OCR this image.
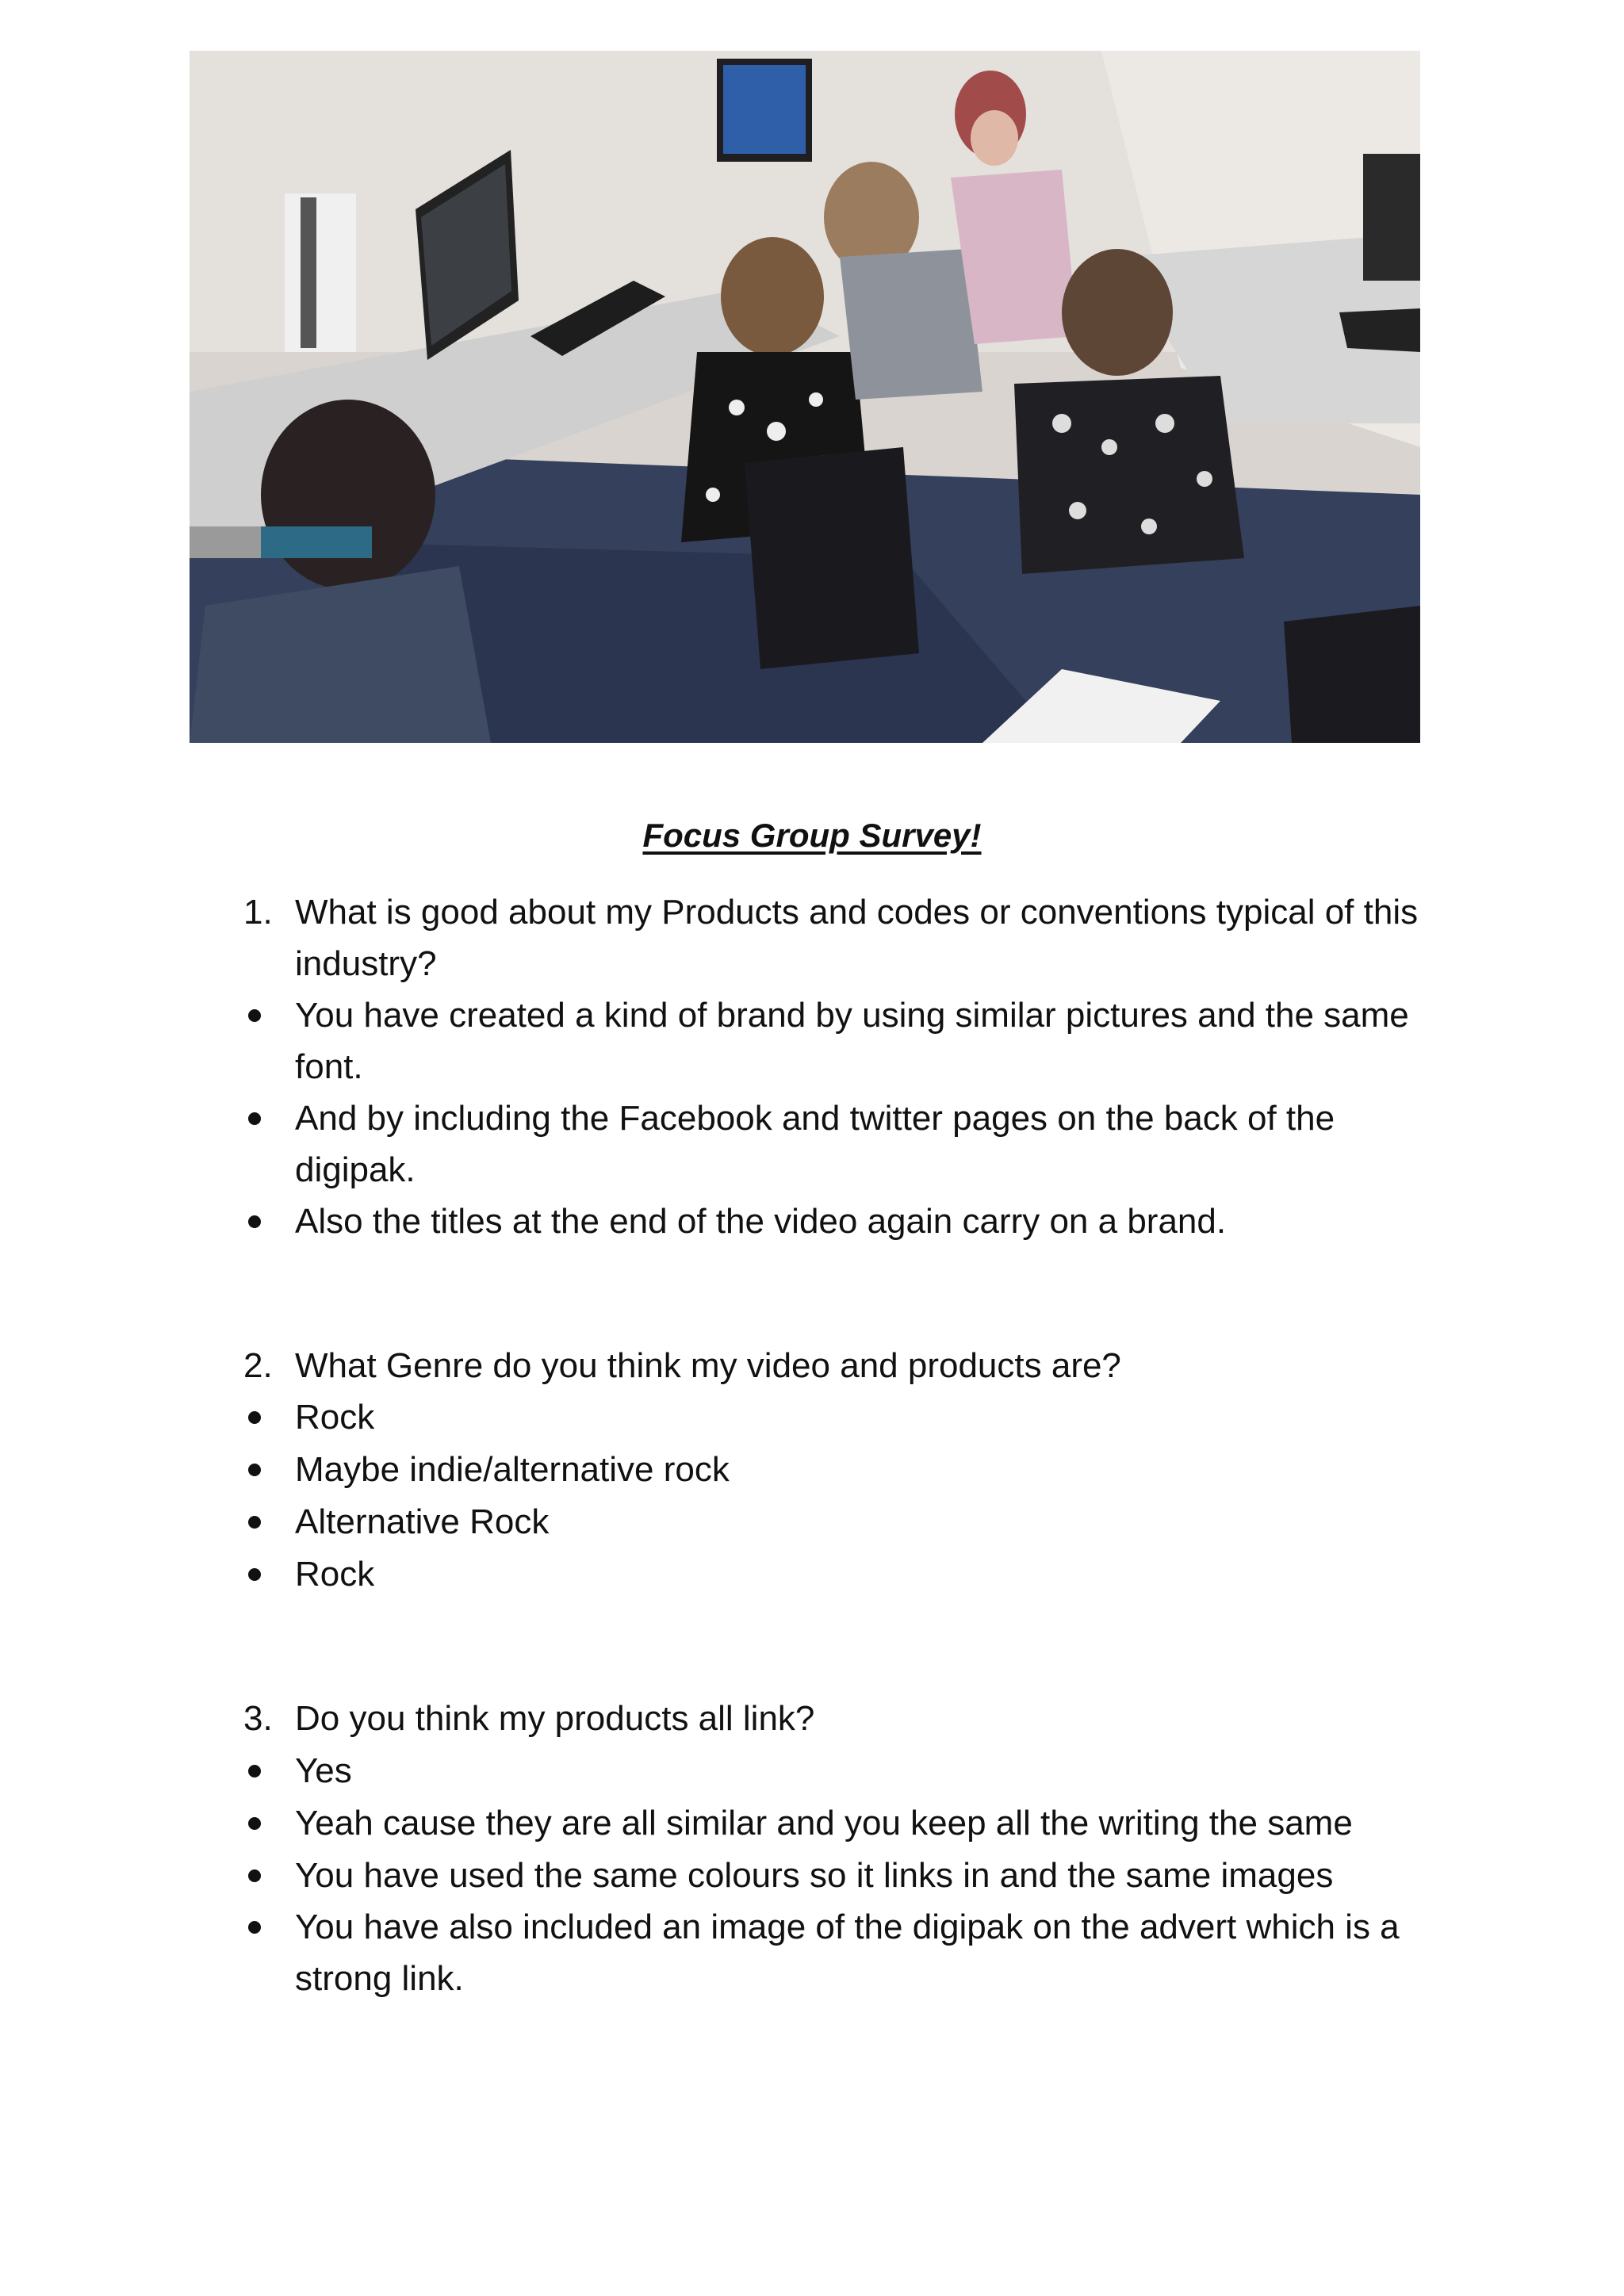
Focus Group Survey!
1. What is good about my Products and codes or conventions typical of this industry?
You have created a kind of brand by using similar pictures and the same font.
And by including the Facebook and twitter pages on the back of the digipak.
Also the titles at the end of the video again carry on a brand.
2. What Genre do you think my video and products are?
Rock
Maybe indie/alternative rock
Alternative Rock
Rock
3. Do you think my products all link?
Yes
Yeah cause they are all similar and you keep all the writing the same
You have used the same colours so it links in and the same images
You have also included an image of the digipak on the advert which is a strong link.
